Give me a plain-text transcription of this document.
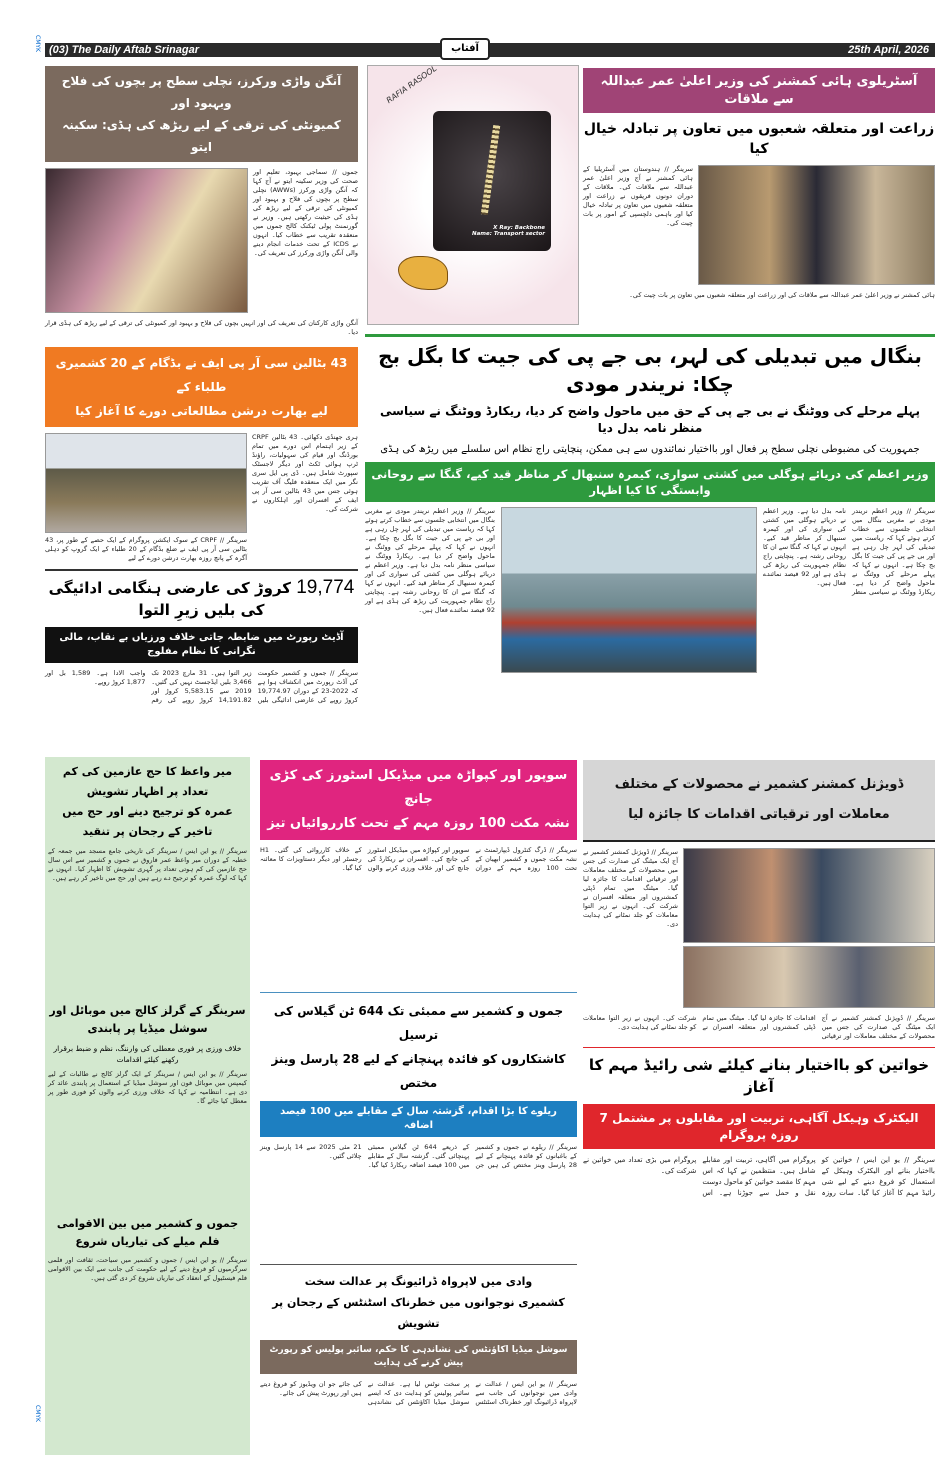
CMYK
CMYK
(03) The Daily Aftab Srinagar	25th April, 2026
آفتاب
آنگن واڑی ورکرز، نچلی سطح پر بچوں کی فلاح وبہبود اور
کمیونٹی کی ترقی کے لیے ریڑھ کی ہڈی: سکینہ ایتو
جموں // سماجی بہبود، تعلیم اور صحت کی وزیر سکینہ ایتو نے آج کہا کہ آنگن واڑی ورکرز (AWWs) نچلی سطح پر بچوں کی فلاح و بہبود اور کمیونٹی کی ترقی کے لیے ریڑھ کی ہڈی کی حیثیت رکھتی ہیں۔ وزیر نے گورنمنٹ پولی ٹیکنک کالج جموں میں منعقدہ تقریب سے خطاب کیا۔ انہوں نے ICDS کے تحت خدمات انجام دینے والی آنگن واڑی ورکرز کی تعریف کی۔
آنگن واڑی کارکنان کی تعریف کی اور انہیں بچوں کی فلاح و بہبود اور کمیونٹی کی ترقی کے لیے ریڑھ کی ہڈی قرار دیا۔
43 بٹالین سی آر پی ایف نے بڈگام کے 20 کشمیری طلباء کے
لیے بھارت درشن مطالعاتی دورے کا آغاز کیا
ہری جھنڈی دکھائی۔ 43 بٹالین CRPF کے زیر اہتمام اس دورے میں تمام بورڈنگ اور قیام کی سہولیات، راؤنڈ ٹرپ ہوائی ٹکٹ اور دیگر لاجسٹک سپورٹ شامل ہیں۔ ڈی پی ایل سری نگر میں ایک منعقدہ فلیگ آف تقریب ہوئی جس میں 43 بٹالین سی آر پی ایف کے افسران اور اہلکاروں نے شرکت کی۔
سرینگر // CRPF کے سوک ایکشن پروگرام کے ایک حصے کے طور پر، 43 بٹالین سی آر پی ایف نے ضلع بڈگام کے 20 طلباء کے ایک گروپ کو دہلی آگرہ کے پانچ روزہ بھارت درشن دورے کے لیے
19,774 کروڑ کی عارضی ہنگامی ادائیگی کی بلیں زیرِ التوا
آڈیٹ رپورٹ میں ضابطہ جاتی خلاف ورزیاں بے نقاب، مالی نگرانی کا نظام مفلوج
سرینگر // جموں و کشمیر حکومت کی آڈٹ رپورٹ میں انکشاف ہوا ہے کہ 2022-23 کے دوران 19,774.97 کروڑ روپے کی عارضی ادائیگی بلیں زیر التوا ہیں۔ 31 مارچ 2023 تک 3,466 بلیں ایڈجسٹ نہیں کی گئیں۔ 2019 سے 5,583.15 کروڑ اور 14,191.82 کروڑ روپے کی رقم واجب الادا ہے۔ 1,589 بل اور 1,877 کروڑ روپے۔
RAFIA RASOOL
X Ray: Backbone
Name: Transport sector
آسٹریلوی ہائی کمشنر کی وزیر اعلیٰ عمر عبداللہ سے ملاقات
زراعت اور متعلقہ شعبوں میں تعاون پر تبادلہ خیال کیا
سرینگر // ہندوستان میں آسٹریلیا کے ہائی کمشنر نے آج وزیر اعلیٰ عمر عبداللہ سے ملاقات کی۔ ملاقات کے دوران دونوں فریقوں نے زراعت اور متعلقہ شعبوں میں تعاون پر تبادلہ خیال کیا اور باہمی دلچسپی کے امور پر بات چیت کی۔
ہائی کمشنر نے وزیر اعلیٰ عمر عبداللہ سے ملاقات کی اور زراعت اور متعلقہ شعبوں میں تعاون پر بات چیت کی۔
بنگال میں تبدیلی کی لہر، بی جے پی کی جیت کا بگل بج چکا: نریندر مودی
پہلے مرحلے کی ووٹنگ نے بی جے پی کے حق میں ماحول واضح کر دیا، ریکارڈ ووٹنگ نے سیاسی منظر نامہ بدل دیا
جمہوریت کی مضبوطی نچلی سطح پر فعال اور بااختیار نمائندوں سے ہی ممکن، پنچایتی راج نظام اس سلسلے میں ریڑھ کی ہڈی
وزیر اعظم کی دریائے ہوگلی میں کشتی سواری، کیمرہ سنبھال کر مناظر قید کیے، گنگا سے روحانی وابستگی کا کیا اظہار
سرینگر // وزیر اعظم نریندر مودی نے مغربی بنگال میں انتخابی جلسوں سے خطاب کرتے ہوئے کہا کہ ریاست میں تبدیلی کی لہر چل رہی ہے اور بی جے پی کی جیت کا بگل بج چکا ہے۔ انہوں نے کہا کہ پہلے مرحلے کی ووٹنگ نے ماحول واضح کر دیا ہے۔ ریکارڈ ووٹنگ نے سیاسی منظر نامہ بدل دیا ہے۔ وزیر اعظم نے دریائے ہوگلی میں کشتی کی سواری کی اور کیمرہ سنبھال کر مناظر قید کیے۔ انہوں نے کہا کہ گنگا سے ان کا روحانی رشتہ ہے۔ پنچایتی راج نظام جمہوریت کی ریڑھ کی ہڈی ہے اور 92 فیصد نمائندے فعال ہیں۔
سرینگر // وزیر اعظم نریندر مودی نے مغربی بنگال میں انتخابی جلسوں سے خطاب کرتے ہوئے کہا کہ ریاست میں تبدیلی کی لہر چل رہی ہے اور بی جے پی کی جیت کا بگل بج چکا ہے۔ انہوں نے کہا کہ پہلے مرحلے کی ووٹنگ نے ماحول واضح کر دیا ہے۔ ریکارڈ ووٹنگ نے سیاسی منظر نامہ بدل دیا ہے۔ وزیر اعظم نے دریائے ہوگلی میں کشتی کی سواری کی اور کیمرہ سنبھال کر مناظر قید کیے۔ انہوں نے کہا کہ گنگا سے ان کا روحانی رشتہ ہے۔ پنچایتی راج نظام جمہوریت کی ریڑھ کی ہڈی ہے اور 92 فیصد نمائندے فعال ہیں۔
میر واعظ کا حج عازمین کی کم تعداد پر اظہار تشویش
عمرہ کو ترجیح دینے اور حج میں تاخیر کے رجحان پر تنقید
سرینگر // یو این ایس / سرینگر کی تاریخی جامع مسجد میں جمعہ کے خطبہ کے دوران میر واعظ عمر فاروق نے جموں و کشمیر سے اس سال حج عازمین کی کم ہوتی تعداد پر گہری تشویش کا اظہار کیا۔ انہوں نے کہا کہ لوگ عمرہ کو ترجیح دے رہے ہیں اور حج میں تاخیر کر رہے ہیں۔
سرینگر کے گرلز کالج میں موبائل اور سوشل میڈیا پر پابندی
خلاف ورزی پر فوری معطلی کی وارننگ، نظم و ضبط برقرار رکھنے کیلئے اقدامات
سرینگر // یو این ایس / سرینگر کے ایک گرلز کالج نے طالبات کے لیے کیمپس میں موبائل فون اور سوشل میڈیا کے استعمال پر پابندی عائد کر دی ہے۔ انتظامیہ نے کہا کہ خلاف ورزی کرنے والوں کو فوری طور پر معطل کیا جائے گا۔
جموں و کشمیر میں بین الاقوامی فلم میلے کی تیاریاں شروع
سرینگر // یو این ایس / جموں و کشمیر میں سیاحت، ثقافت اور فلمی سرگرمیوں کو فروغ دینے کے لیے حکومت کی جانب سے ایک بین الاقوامی فلم فیسٹیول کے انعقاد کی تیاریاں شروع کر دی گئی ہیں۔
سوپور اور کپواڑہ میں میڈیکل اسٹورز کی کڑی جانچ
نشہ مکت 100 روزہ مہم کے تحت کارروائیاں تیز
سرینگر // ڈرگ کنٹرول ڈیپارٹمنٹ نے نشہ مکت جموں و کشمیر ابھیان کے تحت 100 روزہ مہم کے دوران سوپور اور کپواڑہ میں میڈیکل اسٹورز کی جانچ کی۔ افسران نے ریکارڈ کی جانچ کی اور خلاف ورزی کرنے والوں کے خلاف کارروائی کی گئی۔ H1 رجسٹر اور دیگر دستاویزات کا معائنہ کیا گیا۔
جموں و کشمیر سے ممبئی تک 644 ٹن گیلاس کی ترسیل
کاشتکاروں کو فائدہ پہنچانے کے لیے 28 پارسل وینز مختص
ریلوے کا بڑا اقدام، گزشتہ سال کے مقابلے میں 100 فیصد اضافہ
سرینگر // ریلوے نے جموں و کشمیر کے باغبانوں کو فائدہ پہنچانے کے لیے 28 پارسل وینز مختص کی ہیں جن کے ذریعے 644 ٹن گیلاس ممبئی پہنچائی گئی۔ گزشتہ سال کے مقابلے میں 100 فیصد اضافہ ریکارڈ کیا گیا۔ 21 مئی 2025 سے 14 پارسل وینز چلائی گئیں۔
وادی میں لاپرواہ ڈرائیونگ پر عدالت سخت
کشمیری نوجوانوں میں خطرناک اسٹنٹس کے رجحان پر تشویش
سوشل میڈیا اکاؤنٹس کی نشاندہی کا حکم، سائبر پولیس کو رپورٹ پیش کرنے کی ہدایت
سرینگر // یو این ایس / عدالت نے وادی میں نوجوانوں کی جانب سے لاپرواہ ڈرائیونگ اور خطرناک اسٹنٹس پر سخت نوٹس لیا ہے۔ عدالت نے سائبر پولیس کو ہدایت دی کہ ایسے سوشل میڈیا اکاؤنٹس کی نشاندہی کی جائے جو ان ویڈیوز کو فروغ دیتے ہیں اور رپورٹ پیش کی جائے۔
ڈویژنل کمشنر کشمیر نے محصولات کے مختلف
معاملات اور ترقیاتی اقدامات کا جائزہ لیا
سرینگر // ڈویژنل کمشنر کشمیر نے آج ایک میٹنگ کی صدارت کی جس میں محصولات کے مختلف معاملات اور ترقیاتی اقدامات کا جائزہ لیا گیا۔ میٹنگ میں تمام ڈپٹی کمشنروں اور متعلقہ افسران نے شرکت کی۔ انہوں نے زیر التوا معاملات کو جلد نمٹانے کی ہدایت دی۔
سرینگر // ڈویژنل کمشنر کشمیر نے آج ایک میٹنگ کی صدارت کی جس میں محصولات کے مختلف معاملات اور ترقیاتی اقدامات کا جائزہ لیا گیا۔ میٹنگ میں تمام ڈپٹی کمشنروں اور متعلقہ افسران نے شرکت کی۔ انہوں نے زیر التوا معاملات کو جلد نمٹانے کی ہدایت دی۔
خواتین کو بااختیار بنانے کیلئے شی رائیڈ مہم کا آغاز
الیکٹرک وہیکل آگاہی، تربیت اور مقابلوں پر مشتمل 7 روزہ پروگرام
سرینگر // یو این ایس / خواتین کو بااختیار بنانے اور الیکٹرک وہیکل کے استعمال کو فروغ دینے کے لیے شی رائیڈ مہم کا آغاز کیا گیا۔ سات روزہ پروگرام میں آگاہی، تربیت اور مقابلے شامل ہیں۔ منتظمین نے کہا کہ اس مہم کا مقصد خواتین کو ماحول دوست نقل و حمل سے جوڑنا ہے۔ اس پروگرام میں بڑی تعداد میں خواتین نے شرکت کی۔
